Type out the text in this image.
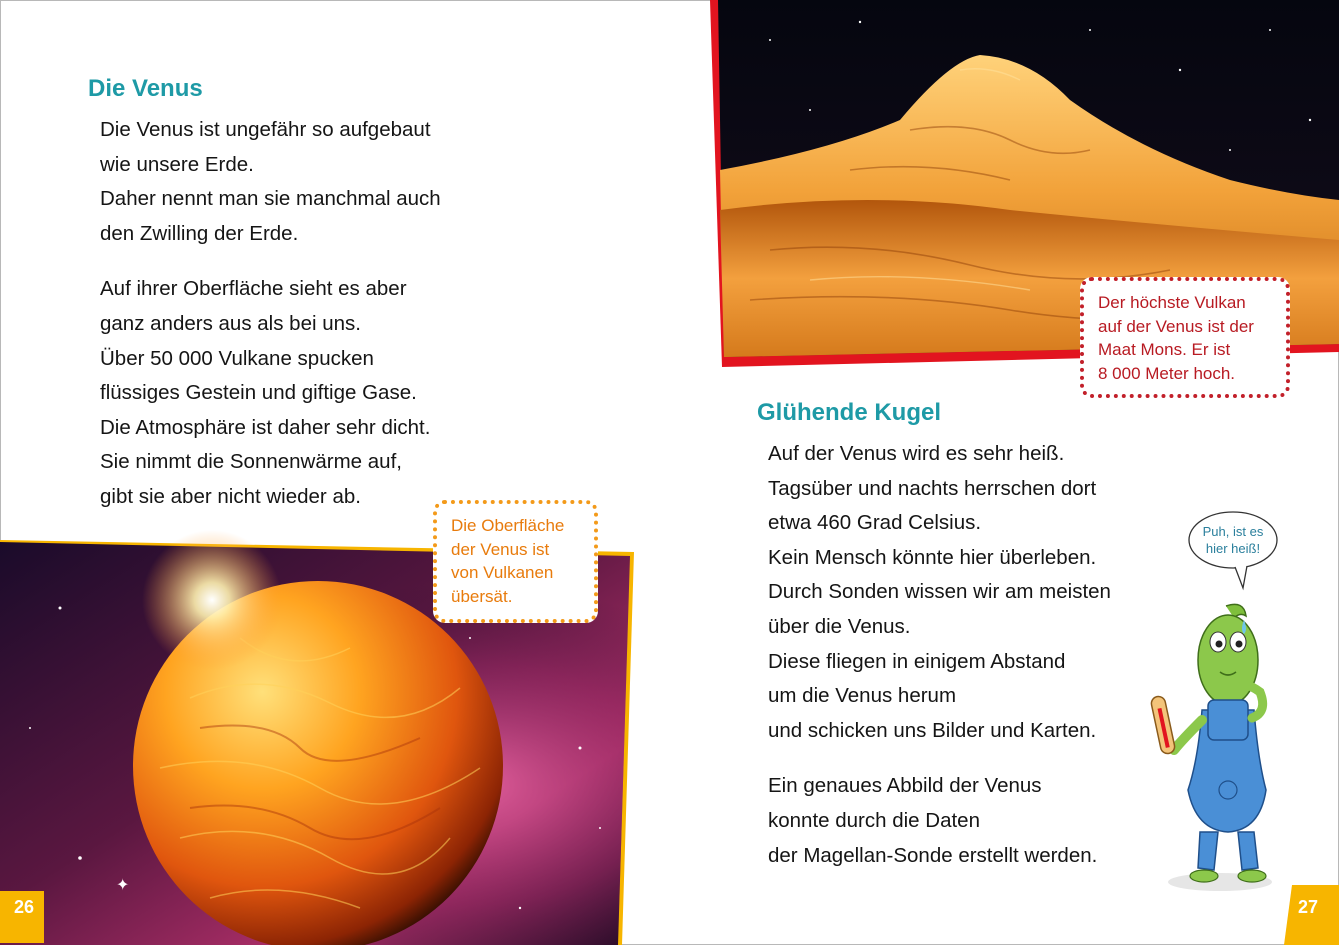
Die Venus
Die Venus ist ungefähr so aufgebaut
wie unsere Erde.
Daher nennt man sie manchmal auch
den Zwilling der Erde.
Auf ihrer Oberfläche sieht es aber
ganz anders aus als bei uns.
Über 50 000 Vulkane spucken
flüssiges Gestein und giftige Gase.
Die Atmosphäre ist daher sehr dicht.
Sie nimmt die Sonnenwärme auf,
gibt sie aber nicht wieder ab.
✦
26
Die Oberfläche
der Venus ist
von Vulkanen
übersät.
Der höchste Vulkan
auf der Venus ist der
Maat Mons. Er ist
8 000 Meter hoch.
Glühende Kugel
Auf der Venus wird es sehr heiß.
Tagsüber und nachts herrschen dort
etwa 460 Grad Celsius.
Kein Mensch könnte hier überleben.
Durch Sonden wissen wir am meisten
über die Venus.
Diese fliegen in einigem Abstand
um die Venus herum
und schicken uns Bilder und Karten.
Ein genaues Abbild der Venus
konnte durch die Daten
der Magellan-Sonde erstellt werden.
Puh, ist es
hier heiß!
27
